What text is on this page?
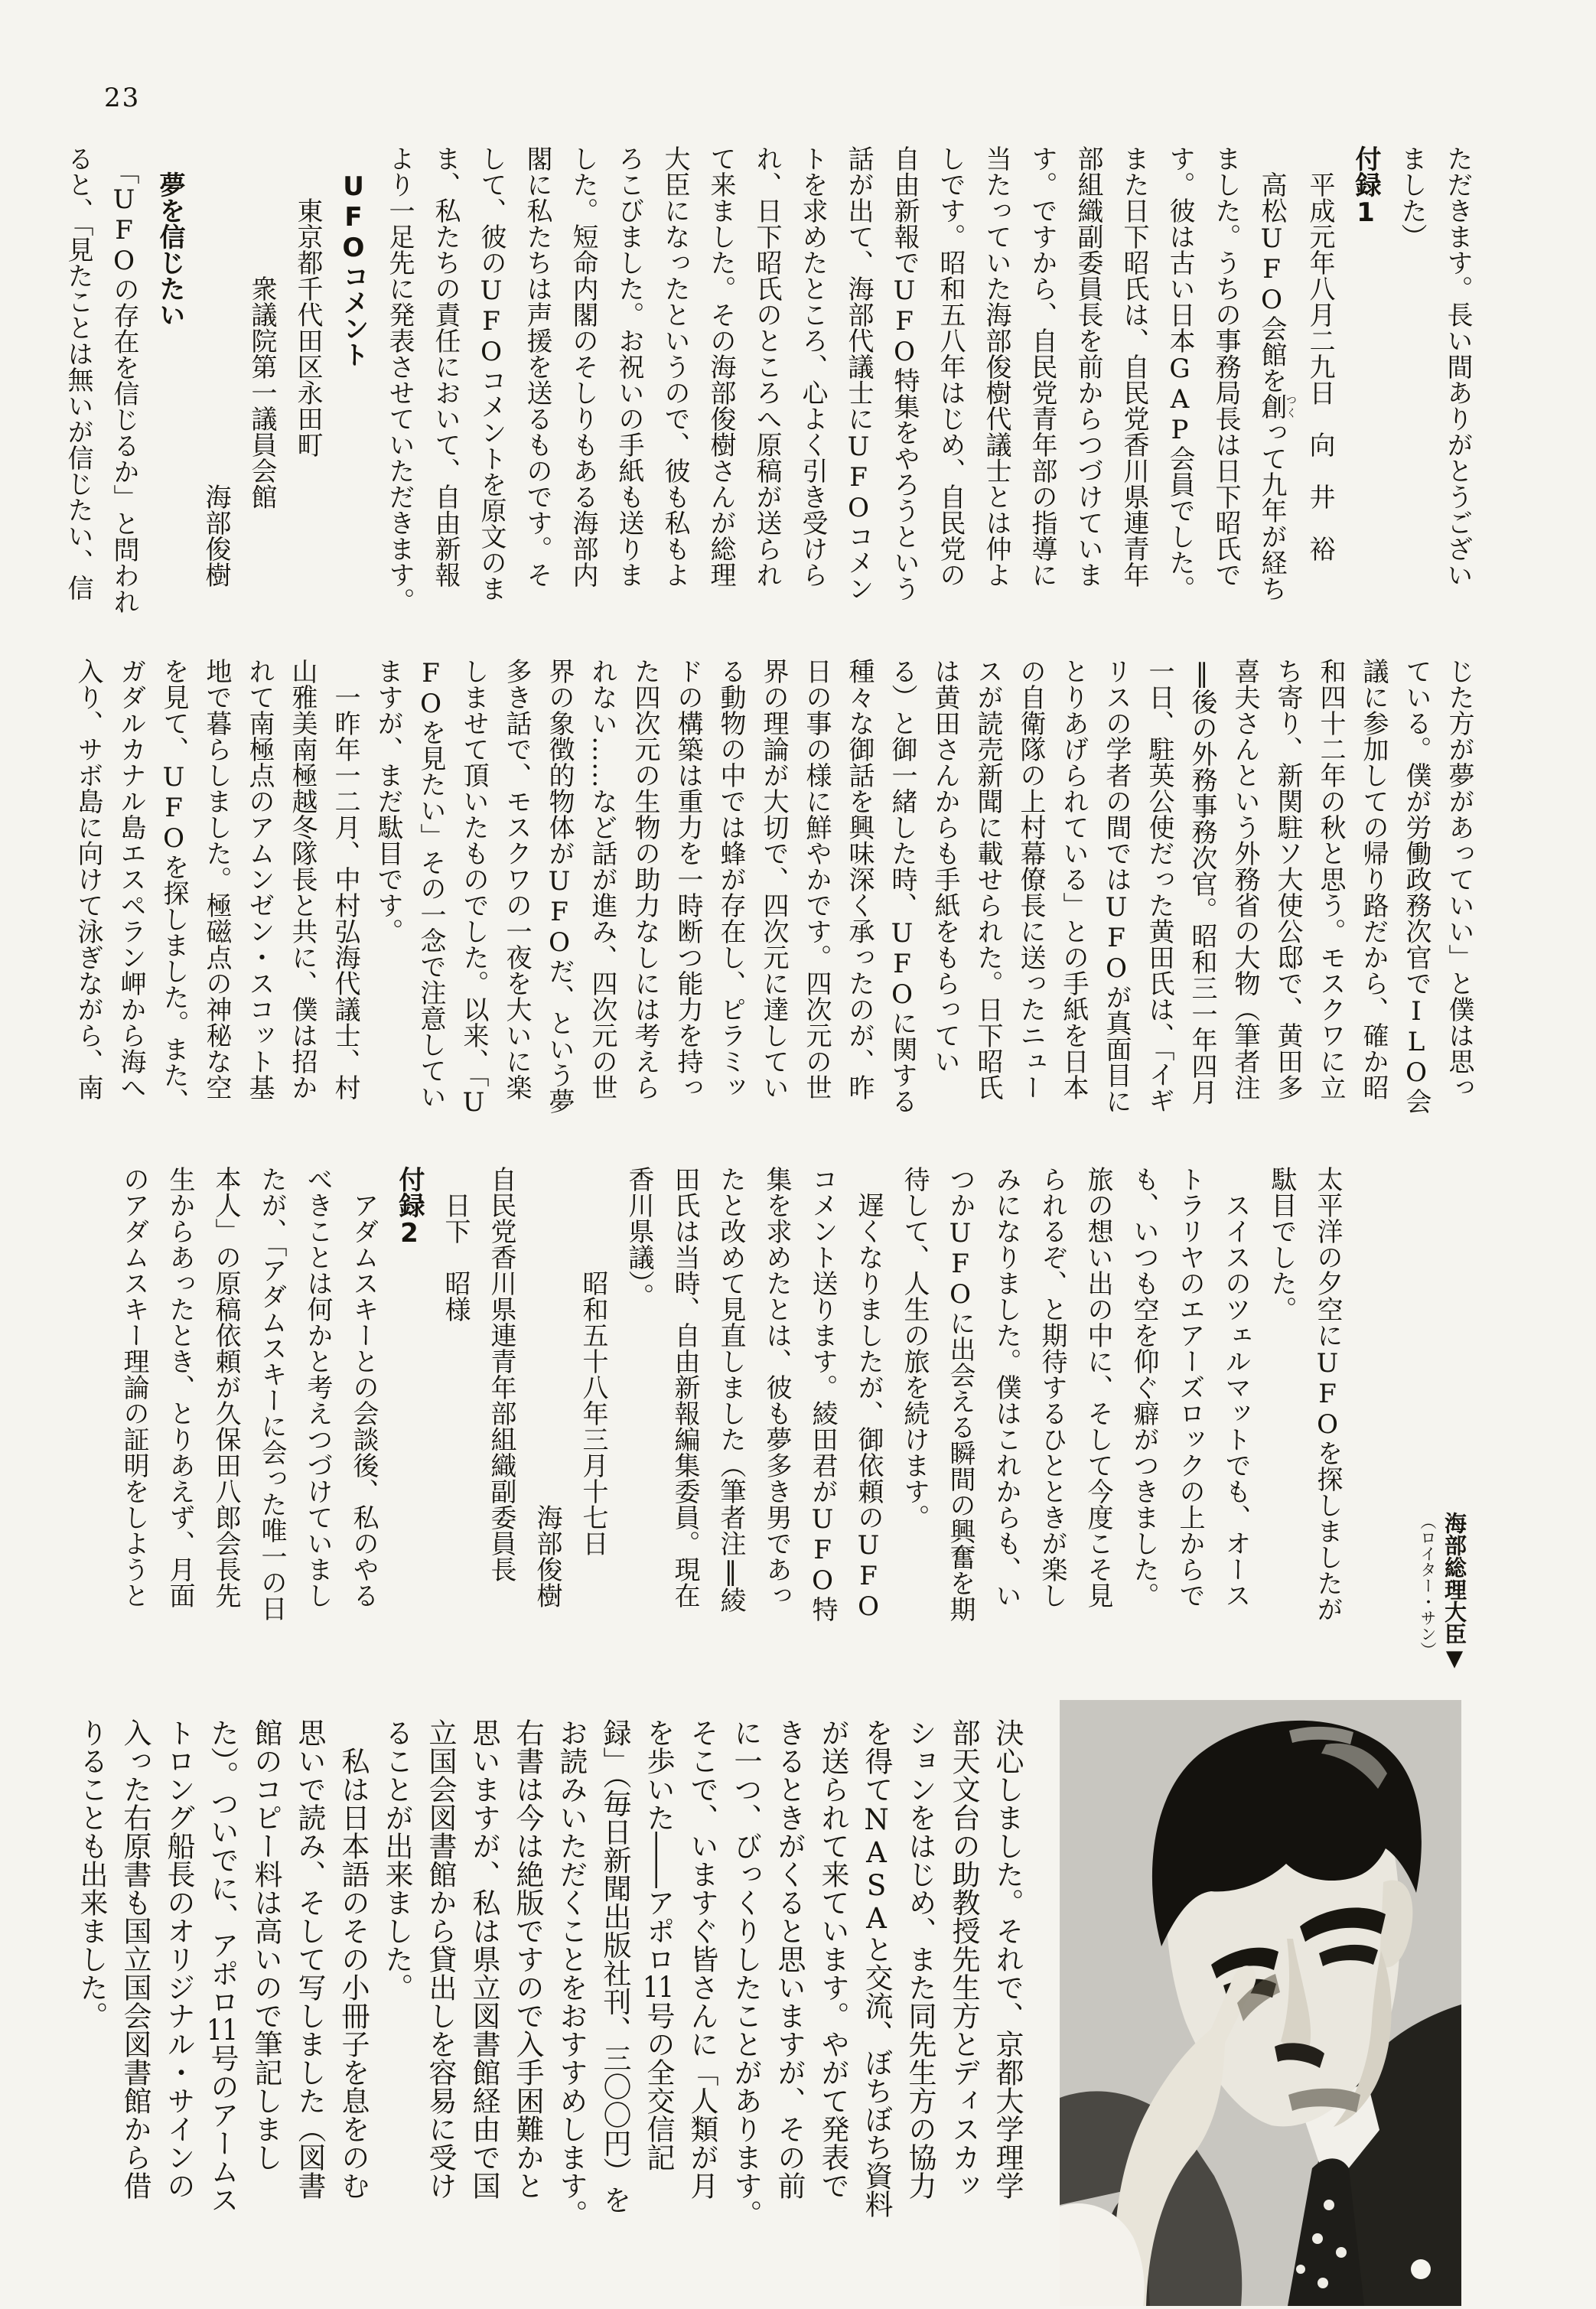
23
ただきます。長い間ありがとうござい
ました）
付録1
　平成元年八月二九日　向　井　裕
　高松UFO会館を創つくって九年が経ち
ました。うちの事務局長は日下昭氏で
す。彼は古い日本GAP会員でした。
また日下昭氏は、自民党香川県連青年
部組織副委員長を前からつづけていま
す。ですから、自民党青年部の指導に
当たっていた海部俊樹代議士とは仲よ
しです。昭和五八年はじめ、自民党の
自由新報でUFO特集をやろうという
話が出て、海部代議士にUFOコメン
トを求めたところ、心よく引き受けら
れ、日下昭氏のところへ原稿が送られ
て来ました。その海部俊樹さんが総理
大臣になったというので、彼も私もよ
ろこびました。お祝いの手紙も送りま
した。短命内閣のそしりもある海部内
閣に私たちは声援を送るものです。そ
して、彼のUFOコメントを原文のま
ま、私たちの責任において、自由新報
より一足先に発表させていただきます。
　UFOコメント
　　東京都千代田区永田町
　　　　　衆議院第一議員会館
　　　　　　　　　　　　　海部俊樹
　夢を信じたい
　「UFOの存在を信じるか」と問われ
ると、「見たことは無いが信じたい、信
じた方が夢があっていい」と僕は思っ
ている。僕が労働政務次官でILO会
議に参加しての帰り路だから、確か昭
和四十二年の秋と思う。モスクワに立
ち寄り、新関駐ソ大使公邸で、黄田多
喜夫さんという外務省の大物（筆者注
‖後の外務事務次官。昭和三一年四月
一日、駐英公使だった黄田氏は、「イギ
リスの学者の間ではUFOが真面目に
とりあげられている」との手紙を日本
の自衛隊の上村幕僚長に送ったニュー
スが読売新聞に載せられた。日下昭氏
は黄田さんからも手紙をもらってい
る）と御一緒した時、UFOに関する
種々な御話を興味深く承ったのが、昨
日の事の様に鮮やかです。四次元の世
界の理論が大切で、四次元に達してい
る動物の中では蜂が存在し、ピラミッ
ドの構築は重力を一時断つ能力を持っ
た四次元の生物の助力なしには考えら
れない……など話が進み、四次元の世
界の象徴的物体がUFOだ、という夢
多き話で、モスクワの一夜を大いに楽
しませて頂いたものでした。以来、「U
FOを見たい」その一念で注意してい
ますが、まだ駄目です。
　一昨年一二月、中村弘海代議士、村
山雅美南極越冬隊長と共に、僕は招か
れて南極点のアムンゼン・スコット基
地で暮らしました。極磁点の神秘な空
を見て、UFOを探しました。また、
ガダルカナル島エスペラン岬から海へ
入り、サボ島に向けて泳ぎながら、南
太平洋の夕空にUFOを探しましたが
駄目でした。
　スイスのツェルマットでも、オース
トラリヤのエアーズロックの上からで
も、いつも空を仰ぐ癖がつきました。
旅の想い出の中に、そして今度こそ見
られるぞ、と期待するひとときが楽し
みになりました。僕はこれからも、い
つかUFOに出会える瞬間の興奮を期
待して、人生の旅を続けます。
　遅くなりましたが、御依頼のUFO
コメント送ります。綾田君がUFO特
集を求めたとは、彼も夢多き男であっ
たと改めて見直しました（筆者注‖綾
田氏は当時、自由新報編集委員。現在
香川県議）。
　　　　昭和五十八年三月十七日
　　　　　　　　　　　　　海部俊樹
自民党香川県連青年部組織副委員長
　日下　昭様
付録2
　アダムスキーとの会談後、私のやる
べきことは何かと考えつづけていまし
たが、「アダムスキーに会った唯一の日
本人」の原稿依頼が久保田八郎会長先
生からあったとき、とりあえず、月面
のアダムスキー理論の証明をしようと
決心しました。それで、京都大学理学
部天文台の助教授先生方とディスカッ
ションをはじめ、また同先生方の協力
を得てNASAと交流、ぼちぼち資料
が送られて来ています。やがて発表で
きるときがくると思いますが、その前
に一つ、びっくりしたことがあります。
そこで、いますぐ皆さんに「人類が月
を歩いた――アポロ11号の全交信記
録」（毎日新聞出版社刊、三〇〇円）を
お読みいただくことをおすすめします。
右書は今は絶版ですので入手困難かと
思いますが、私は県立図書館経由で国
立国会図書館から貸出しを容易に受け
ることが出来ました。
　私は日本語のその小冊子を息をのむ
思いで読み、そして写しました（図書
館のコピー料は高いので筆記しまし
た）。ついでに、アポロ11号のアームス
トロング船長のオリジナル・サインの
入った右原書も国立国会図書館から借
りることも出来ました。
海部総理大臣▼ （ロイター・サン）
